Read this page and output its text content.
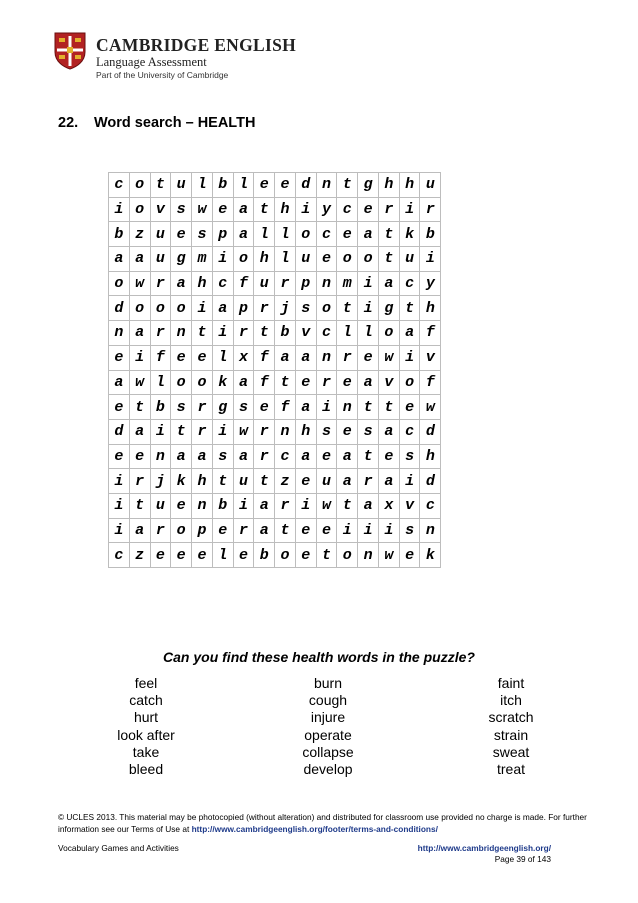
CAMBRIDGE ENGLISH
Language Assessment
Part of the University of Cambridge
22. Word search – HEALTH
c	o	t	u	l	b	l	e	e	d	n	t	g	h	h	u
i	o	v	s	w	e	a	t	h	i	y	c	e	r	i	r
b	z	u	e	s	p	a	l	l	o	c	e	a	t	k	b
a	a	u	g	m	i	o	h	l	u	e	o	o	t	u	i
o	w	r	a	h	c	f	u	r	p	n	m	i	a	c	y
d	o	o	o	i	a	p	r	j	s	o	t	i	g	t	h
n	a	r	n	t	i	r	t	b	v	c	l	l	o	a	f
e	i	f	e	e	l	x	f	a	a	n	r	e	w	i	v
a	w	l	o	o	k	a	f	t	e	r	e	a	v	o	f
e	t	b	s	r	g	s	e	f	a	i	n	t	t	e	w
d	a	i	t	r	i	w	r	n	h	s	e	s	a	c	d
e	e	n	a	a	s	a	r	c	a	e	a	t	e	s	h
i	r	j	k	h	t	u	t	z	e	u	a	r	a	i	d
i	t	u	e	n	b	i	a	r	i	w	t	a	x	v	c
i	a	r	o	p	e	r	a	t	e	e	i	i	i	s	n
c	z	e	e	e	l	e	b	o	e	t	o	n	w	e	k
Can you find these health words in the puzzle?
feel
catch
hurt
look after
take
bleed
burn
cough
injure
operate
collapse
develop
faint
itch
scratch
strain
sweat
treat
© UCLES 2013. This material may be photocopied (without alteration) and distributed for classroom use provided no charge is made. For further information see our Terms of Use at http://www.cambridgeenglish.org/footer/terms-and-conditions/
Vocabulary Games and Activities	http://www.cambridgeenglish.org/
Page 39 of 143
